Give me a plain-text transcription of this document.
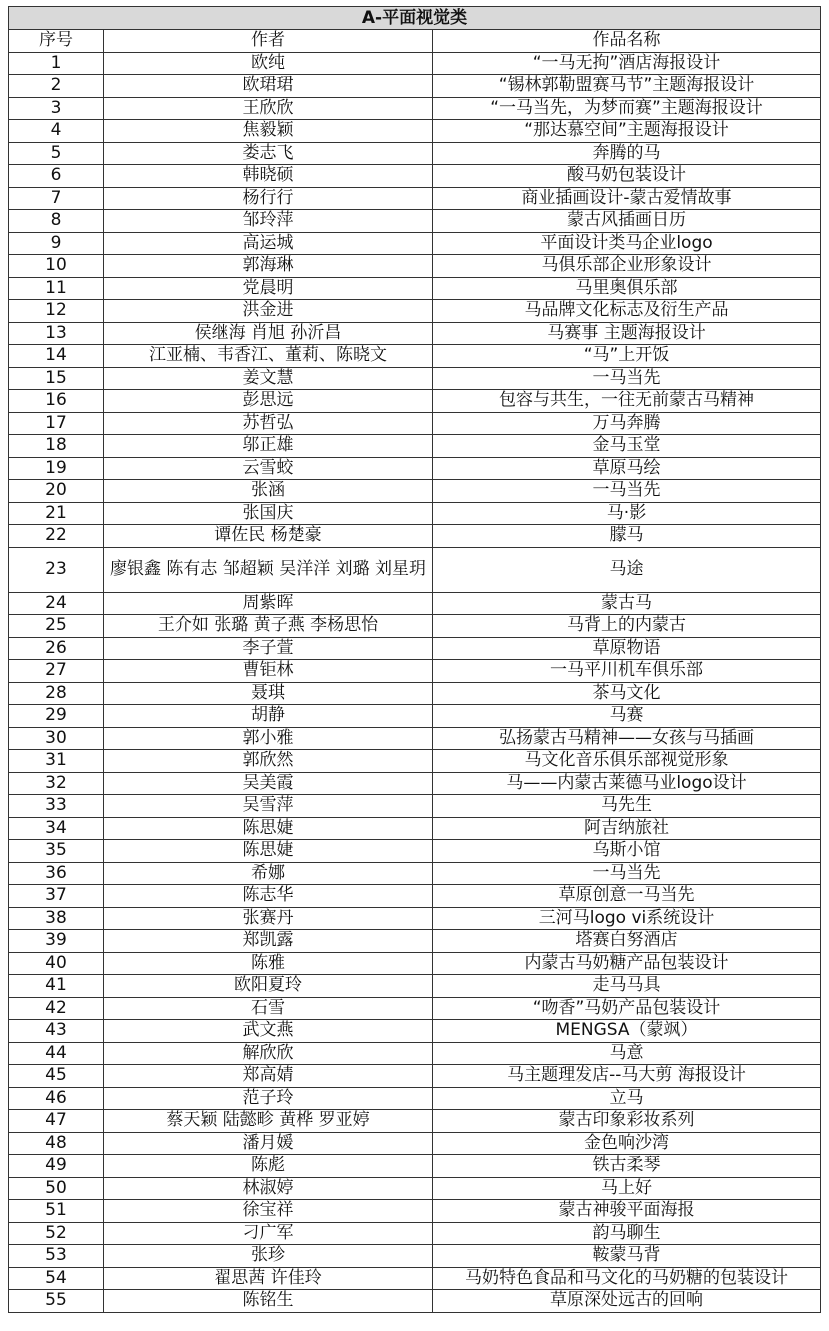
A-平面视觉类		
序号	作者	作品名称
1	欧纯	“一马无拘”酒店海报设计
2	欧珺珺	“锡林郭勒盟赛马节”主题海报设计
3	王欣欣	“一马当先，为梦而赛”主题海报设计
4	焦毅颖	“那达慕空间”主题海报设计
5	娄志飞	奔腾的马
6	韩晓硕	酸马奶包装设计
7	杨行行	商业插画设计-蒙古爱情故事
8	邹玲萍	蒙古风插画日历
9	高运城	平面设计类马企业logo
10	郭海琳	马俱乐部企业形象设计
11	党晨明	马里奥俱乐部
12	洪金进	马品牌文化标志及衍生产品
13	侯继海 肖旭 孙沂昌	马赛事 主题海报设计
14	江亚楠、韦香江、董莉、陈晓文	“马”上开饭
15	姜文慧	一马当先
16	彭思远	包容与共生，一往无前蒙古马精神
17	苏哲弘	万马奔腾
18	邬正雄	金马玉堂
19	云雪蛟	草原马绘
20	张涵	一马当先
21	张国庆	马·影
22	谭佐民 杨楚豪	朦马
23	廖银鑫 陈有志 邹超颖 吴洋洋 刘璐 刘星玥	马途
24	周紫晖	蒙古马
25	王介如 张璐 黄子燕 李杨思怡	马背上的内蒙古
26	李子萱	草原物语
27	曹钜林	一马平川机车俱乐部
28	聂琪	茶马文化
29	胡静	马赛
30	郭小雅	弘扬蒙古马精神——女孩与马插画
31	郭欣然	马文化音乐俱乐部视觉形象
32	吴美霞	马——内蒙古莱德马业logo设计
33	吴雪萍	马先生
34	陈思婕	阿吉纳旅社
35	陈思婕	乌斯小馆
36	希娜	一马当先
37	陈志华	草原创意一马当先
38	张赛丹	三河马logo vi系统设计
39	郑凯露	塔赛白努酒店
40	陈雅	内蒙古马奶糖产品包装设计
41	欧阳夏玲	走马马具
42	石雪	“吻香”马奶产品包装设计
43	武文燕	MENGSA（蒙飒）
44	解欣欣	马意
45	郑高婧	马主题理发店--马大剪 海报设计
46	范子玲	立马
47	蔡天颖 陆懿畛 黄桦 罗亚婷	蒙古印象彩妆系列
48	潘月媛	金色响沙湾
49	陈彪	铁古柔琴
50	林淑婷	马上好
51	徐宝祥	蒙古神骏平面海报
52	刁广军	韵马聊生
53	张珍	鞍蒙马背
54	翟思茜 许佳玲	马奶特色食品和马文化的马奶糖的包装设计
55	陈铭生	草原深处远古的回响
